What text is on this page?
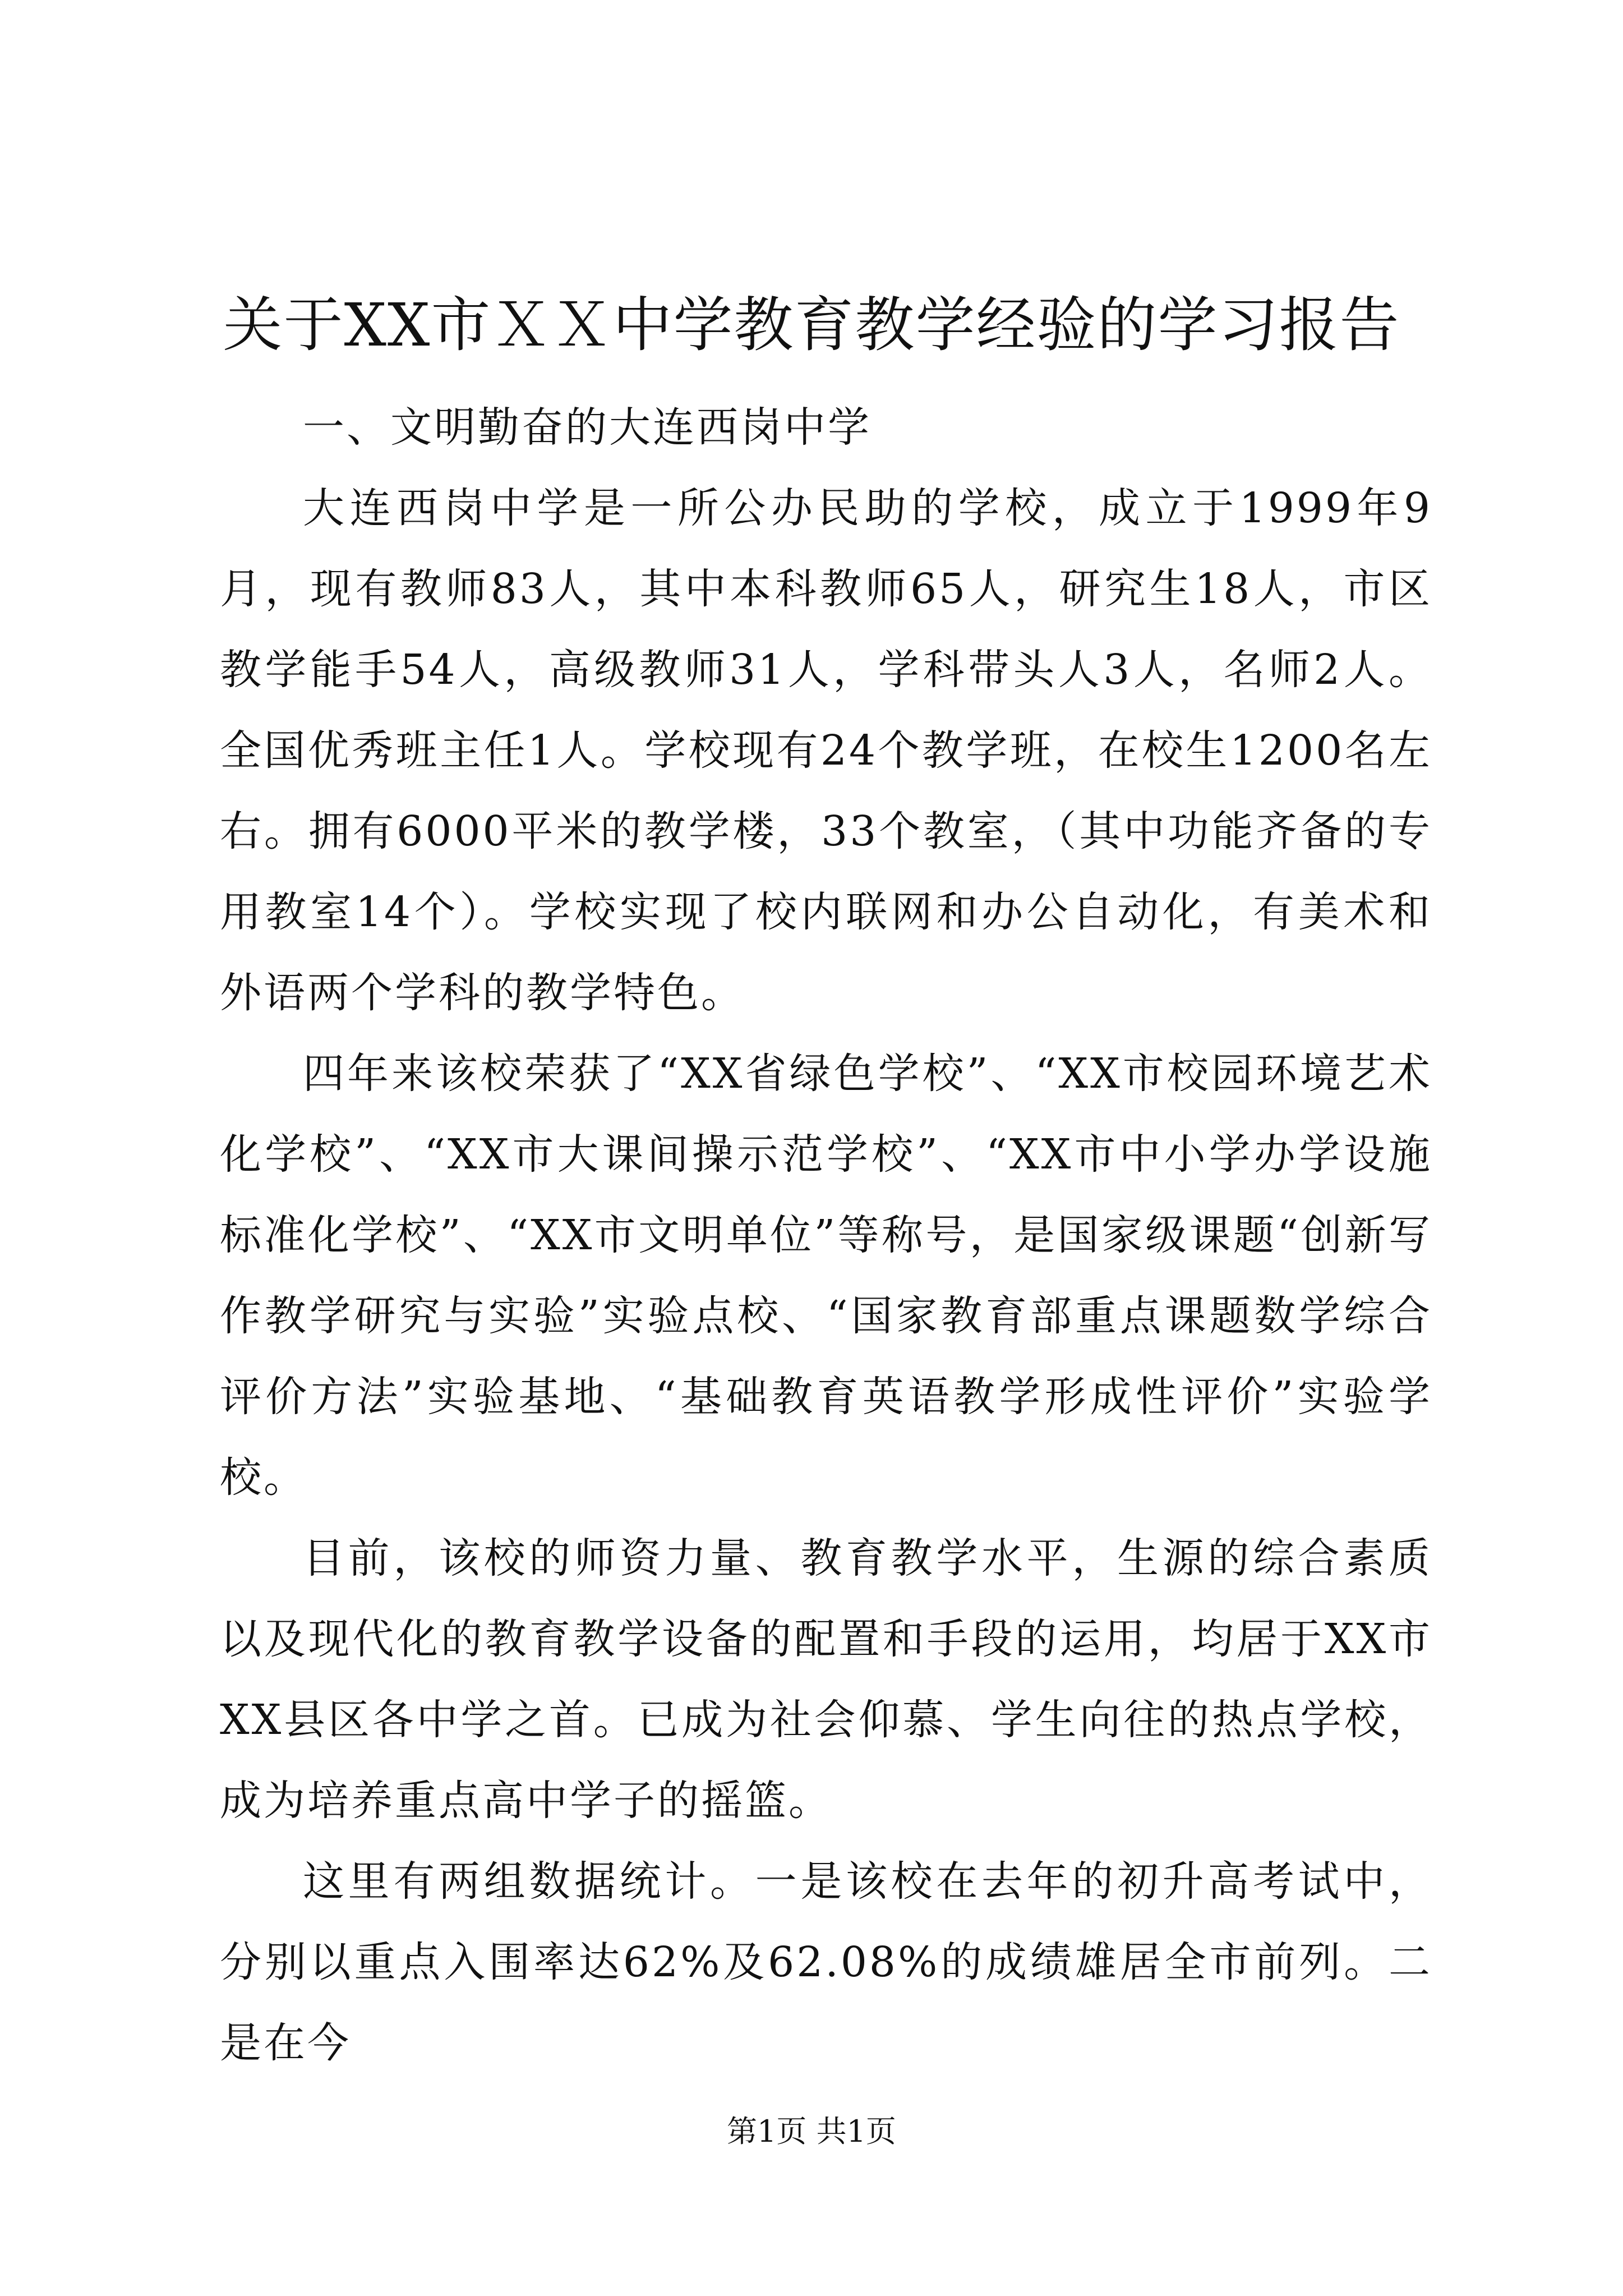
关于XX市ＸＸ中学教育教学经验的学习报告

一、文明勤奋的大连西岗中学

大连西岗中学是一所公办民助的学校，成立于1999年9月，现有教师83人，其中本科教师65人，研究生18人，市区教学能手54人，高级教师31人，学科带头人3人，名师2人。全国优秀班主任1人。学校现有24个教学班，在校生1200名左右。拥有6000平米的教学楼，33个教室，（其中功能齐备的专用教室14个）。学校实现了校内联网和办公自动化，有美术和外语两个学科的教学特色。

四年来该校荣获了“XX省绿色学校”、“XX市校园环境艺术化学校”、“XX市大课间操示范学校”、“XX市中小学办学设施标准化学校”、“XX市文明单位”等称号，是国家级课题“创新写作教学研究与实验”实验点校、“国家教育部重点课题数学综合评价方法”实验基地、“基础教育英语教学形成性评价”实验学校。

目前，该校的师资力量、教育教学水平，生源的综合素质以及现代化的教育教学设备的配置和手段的运用，均居于XX市XX县区各中学之首。已成为社会仰慕、学生向往的热点学校，成为培养重点高中学子的摇篮。

这里有两组数据统计。一是该校在去年的初升高考试中，分别以重点入围率达62%及62.08%的成绩雄居全市前列。二是在今

第1页 共1页
